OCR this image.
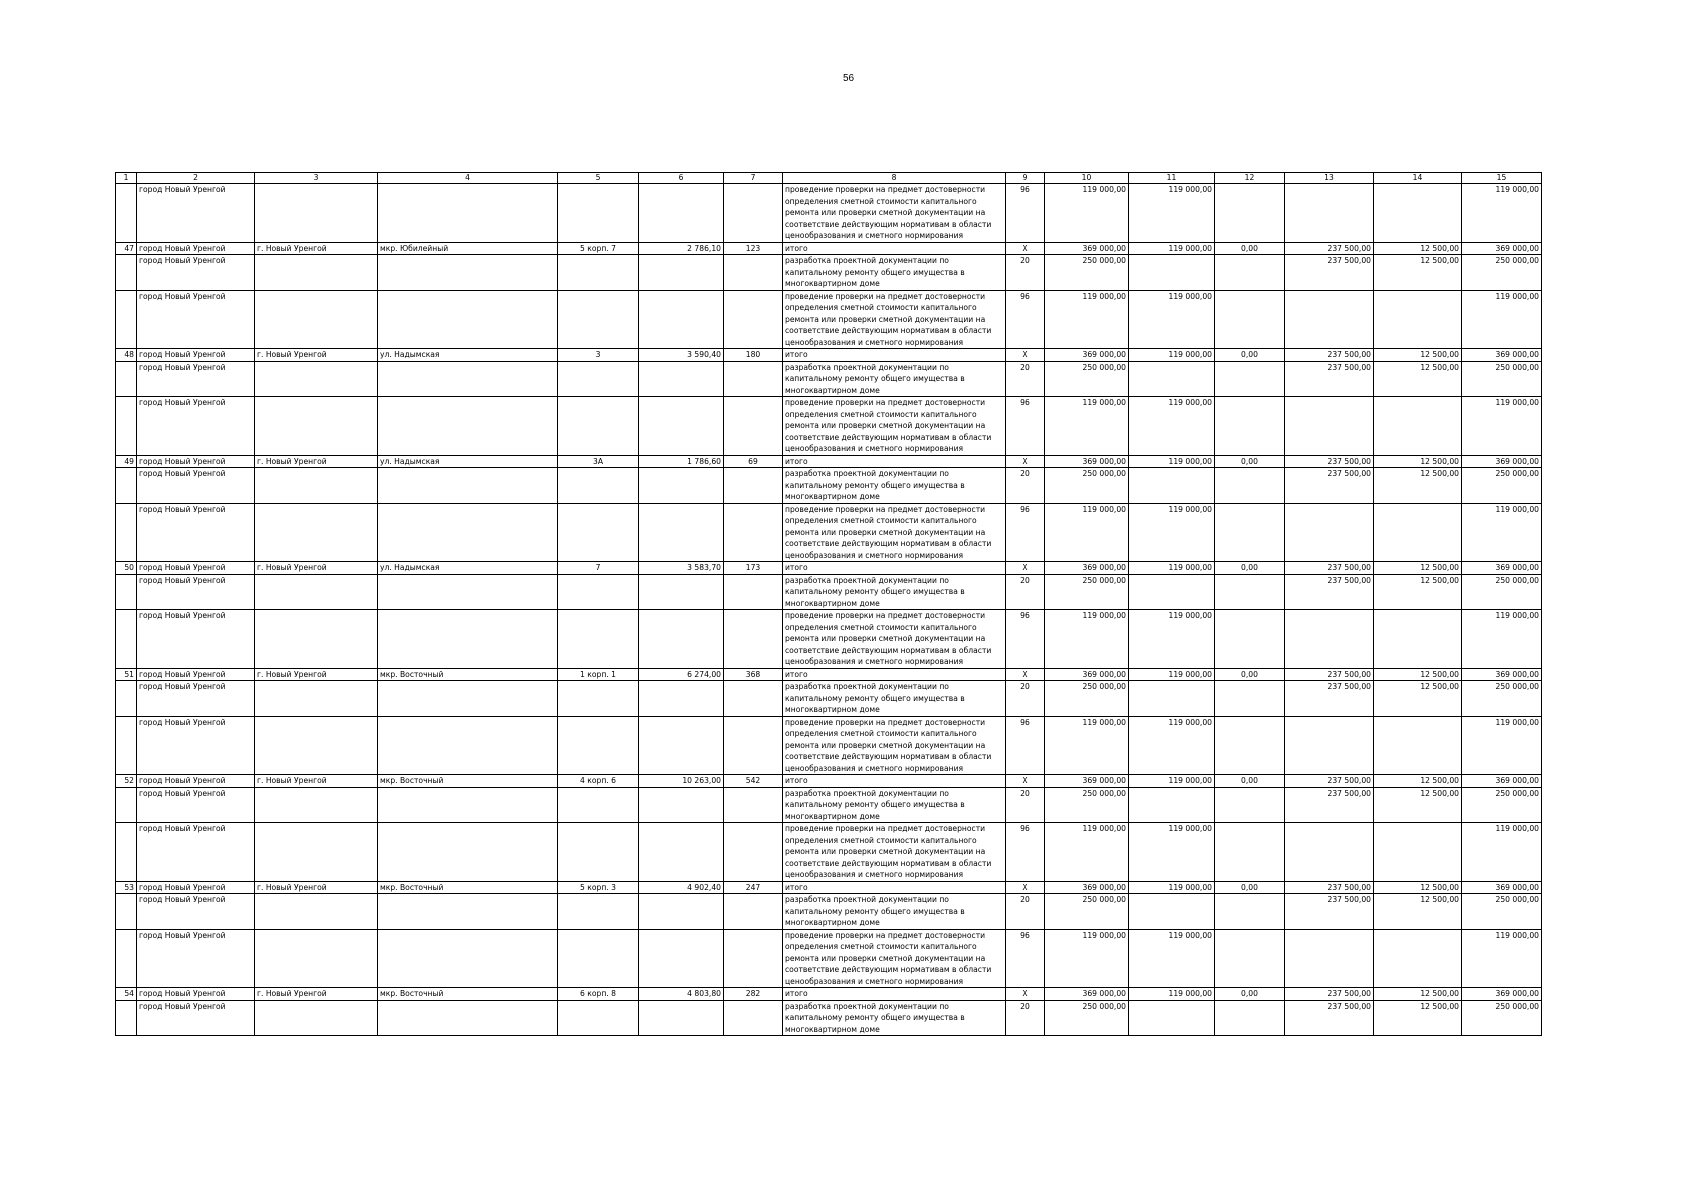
56
1	2	3	4	5	6	7	8	9	10	11	12	13	14	15
	город Новый Уренгой						проведение проверки на предмет достоверности определения сметной стоимости капитального ремонта или проверки сметной документации на соответствие действующим нормативам в области ценообразования и сметного нормирования	96	119 000,00	119 000,00				119 000,00
47	город Новый Уренгой	г. Новый Уренгой	мкр. Юбилейный	5 корп. 7	2 786,10	123	итого	X	369 000,00	119 000,00	0,00	237 500,00	12 500,00	369 000,00
	город Новый Уренгой						разработка проектной документации по капитальному ремонту общего имущества в многоквартирном доме	20	250 000,00			237 500,00	12 500,00	250 000,00
	город Новый Уренгой						проведение проверки на предмет достоверности определения сметной стоимости капитального ремонта или проверки сметной документации на соответствие действующим нормативам в области ценообразования и сметного нормирования	96	119 000,00	119 000,00				119 000,00
48	город Новый Уренгой	г. Новый Уренгой	ул. Надымская	3	3 590,40	180	итого	X	369 000,00	119 000,00	0,00	237 500,00	12 500,00	369 000,00
	город Новый Уренгой						разработка проектной документации по капитальному ремонту общего имущества в многоквартирном доме	20	250 000,00			237 500,00	12 500,00	250 000,00
	город Новый Уренгой						проведение проверки на предмет достоверности определения сметной стоимости капитального ремонта или проверки сметной документации на соответствие действующим нормативам в области ценообразования и сметного нормирования	96	119 000,00	119 000,00				119 000,00
49	город Новый Уренгой	г. Новый Уренгой	ул. Надымская	3А	1 786,60	69	итого	X	369 000,00	119 000,00	0,00	237 500,00	12 500,00	369 000,00
	город Новый Уренгой						разработка проектной документации по капитальному ремонту общего имущества в многоквартирном доме	20	250 000,00			237 500,00	12 500,00	250 000,00
	город Новый Уренгой						проведение проверки на предмет достоверности определения сметной стоимости капитального ремонта или проверки сметной документации на соответствие действующим нормативам в области ценообразования и сметного нормирования	96	119 000,00	119 000,00				119 000,00
50	город Новый Уренгой	г. Новый Уренгой	ул. Надымская	7	3 583,70	173	итого	X	369 000,00	119 000,00	0,00	237 500,00	12 500,00	369 000,00
	город Новый Уренгой						разработка проектной документации по капитальному ремонту общего имущества в многоквартирном доме	20	250 000,00			237 500,00	12 500,00	250 000,00
	город Новый Уренгой						проведение проверки на предмет достоверности определения сметной стоимости капитального ремонта или проверки сметной документации на соответствие действующим нормативам в области ценообразования и сметного нормирования	96	119 000,00	119 000,00				119 000,00
51	город Новый Уренгой	г. Новый Уренгой	мкр. Восточный	1 корп. 1	6 274,00	368	итого	X	369 000,00	119 000,00	0,00	237 500,00	12 500,00	369 000,00
	город Новый Уренгой						разработка проектной документации по капитальному ремонту общего имущества в многоквартирном доме	20	250 000,00			237 500,00	12 500,00	250 000,00
	город Новый Уренгой						проведение проверки на предмет достоверности определения сметной стоимости капитального ремонта или проверки сметной документации на соответствие действующим нормативам в области ценообразования и сметного нормирования	96	119 000,00	119 000,00				119 000,00
52	город Новый Уренгой	г. Новый Уренгой	мкр. Восточный	4 корп. 6	10 263,00	542	итого	X	369 000,00	119 000,00	0,00	237 500,00	12 500,00	369 000,00
	город Новый Уренгой						разработка проектной документации по капитальному ремонту общего имущества в многоквартирном доме	20	250 000,00			237 500,00	12 500,00	250 000,00
	город Новый Уренгой						проведение проверки на предмет достоверности определения сметной стоимости капитального ремонта или проверки сметной документации на соответствие действующим нормативам в области ценообразования и сметного нормирования	96	119 000,00	119 000,00				119 000,00
53	город Новый Уренгой	г. Новый Уренгой	мкр. Восточный	5 корп. 3	4 902,40	247	итого	X	369 000,00	119 000,00	0,00	237 500,00	12 500,00	369 000,00
	город Новый Уренгой						разработка проектной документации по капитальному ремонту общего имущества в многоквартирном доме	20	250 000,00			237 500,00	12 500,00	250 000,00
	город Новый Уренгой						проведение проверки на предмет достоверности определения сметной стоимости капитального ремонта или проверки сметной документации на соответствие действующим нормативам в области ценообразования и сметного нормирования	96	119 000,00	119 000,00				119 000,00
54	город Новый Уренгой	г. Новый Уренгой	мкр. Восточный	6 корп. 8	4 803,80	282	итого	X	369 000,00	119 000,00	0,00	237 500,00	12 500,00	369 000,00
	город Новый Уренгой						разработка проектной документации по капитальному ремонту общего имущества в многоквартирном доме	20	250 000,00			237 500,00	12 500,00	250 000,00
